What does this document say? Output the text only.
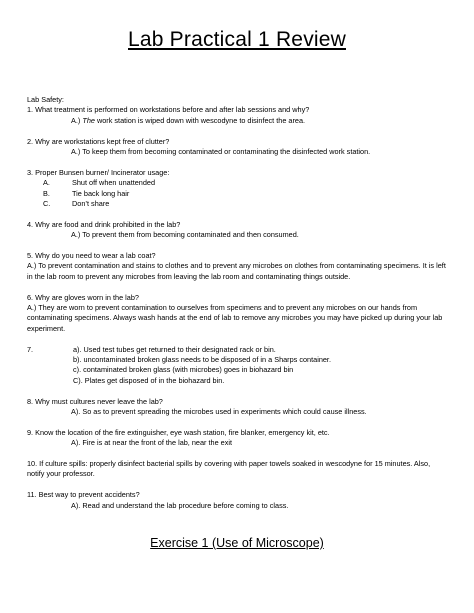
Lab Practical 1 Review
Lab Safety:
1. What treatment is performed on workstations before and after lab sessions and why?
A.) The work station is wiped down with wescodyne to disinfect the area.
2. Why are workstations kept free of clutter?
A.) To keep them from becoming contaminated or contaminating the disinfected work station.
3. Proper Bunsen burner/ Incinerator usage:
A.	Shut off when unattended
B.	Tie back long hair
C.	Don’t share
4. Why are food and drink prohibited in the lab?
A.) To prevent them from becoming contaminated and then consumed.
5. Why do you need to wear a lab coat?
A.) To prevent contamination and stains to clothes and to prevent any microbes on clothes from contaminating specimens. It is left in the lab room to prevent any microbes from leaving the lab room and contaminating things outside.
6. Why are gloves worn in the lab?
A.) They are worn to prevent contamination to ourselves from specimens and to prevent any microbes on our hands from contaminating specimens. Always wash hands at the end of lab to remove any microbes you may have picked up during your lab experiment.
7.	a). Used test tubes get returned to their designated rack or bin.
b). uncontaminated broken glass needs to be disposed of in a Sharps container.
c). contaminated broken glass (with microbes) goes in biohazard bin
C). Plates get disposed of in the biohazard bin.
8. Why must cultures never leave the lab?
A). So as to prevent spreading the microbes used in experiments which could cause illness.
9. Know the location of the fire extinguisher, eye wash station, fire blanker, emergency kit, etc.
A). Fire is at near the front of the lab, near the exit
10. If culture spills: properly disinfect bacterial spills by covering with paper towels soaked in wescodyne for 15 minutes. Also, notify your professor.
11. Best way to prevent accidents?
A). Read and understand the lab procedure before coming to class.
Exercise 1 (Use of Microscope)
